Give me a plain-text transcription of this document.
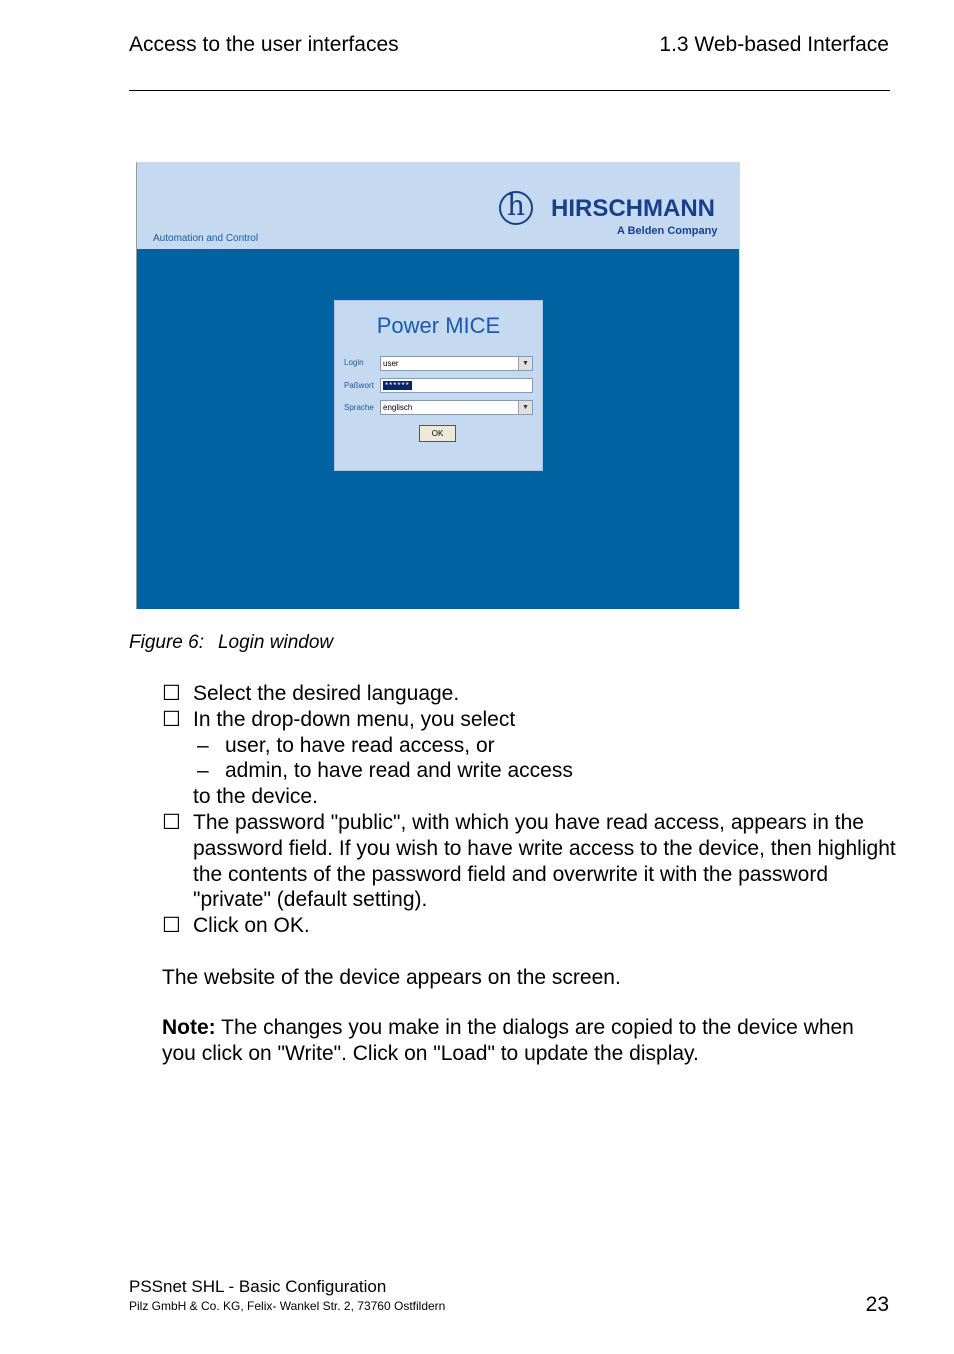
Access to the user interfaces	1.3 Web-based Interface
Automation and Control
h	HIRSCHMANN
A Belden Company
Power MICE
Login	user	▼
Paßwort	******
Sprache	englisch	▼
OK
Figure 6: Login window
☐ Select the desired language.
☐ In the drop-down menu, you select
– user, to have read access, or
– admin, to have read and write access
to the device.
☐ The password "public", with which you have read access, appears in the password field. If you wish to have write access to the device, then highlight the contents of the password field and overwrite it with the password "private" (default setting).
☐ Click on OK.
The website of the device appears on the screen.
Note: The changes you make in the dialogs are copied to the device when you click on "Write". Click on "Load" to update the display.
PSSnet SHL - Basic Configuration
Pilz GmbH & Co. KG, Felix- Wankel Str. 2, 73760 Ostfildern	23
